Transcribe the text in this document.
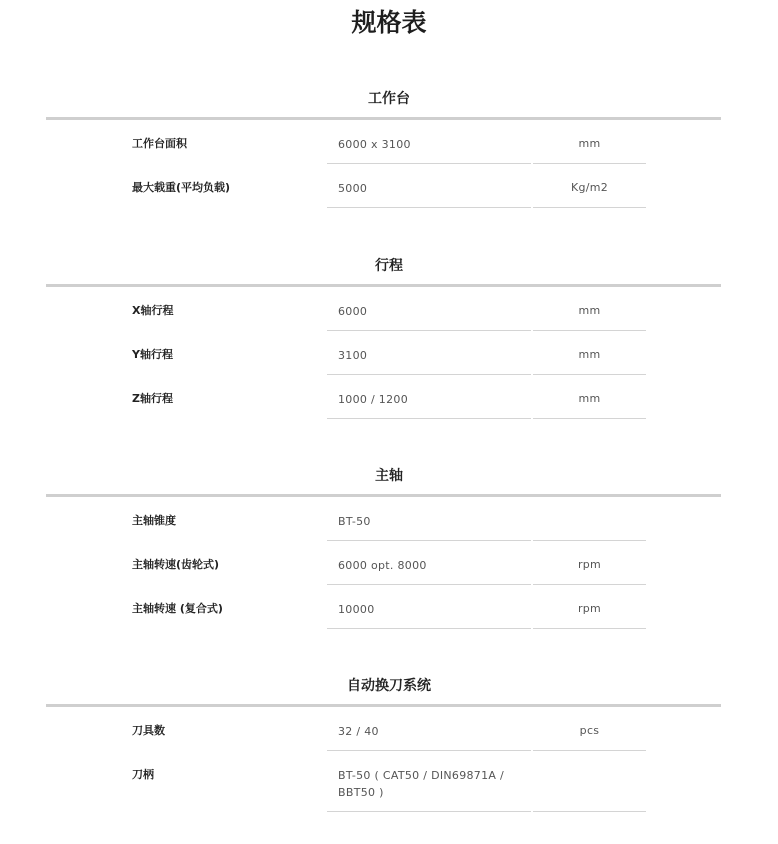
规格表
工作台
工作台面积	6000 x 3100	mm
最大载重(平均负载)	5000	Kg/m2
行程
X轴行程	6000	mm
Y轴行程	3100	mm
Z轴行程	1000 / 1200	mm
主轴
主轴锥度	BT-50
主轴转速(齿轮式)	6000 opt. 8000	rpm
主轴转速 (复合式)	10000	rpm
自动换刀系统
刀具数	32 / 40	pcs
刀柄	BT-50 ( CAT50 / DIN69871A / BBT50 )
